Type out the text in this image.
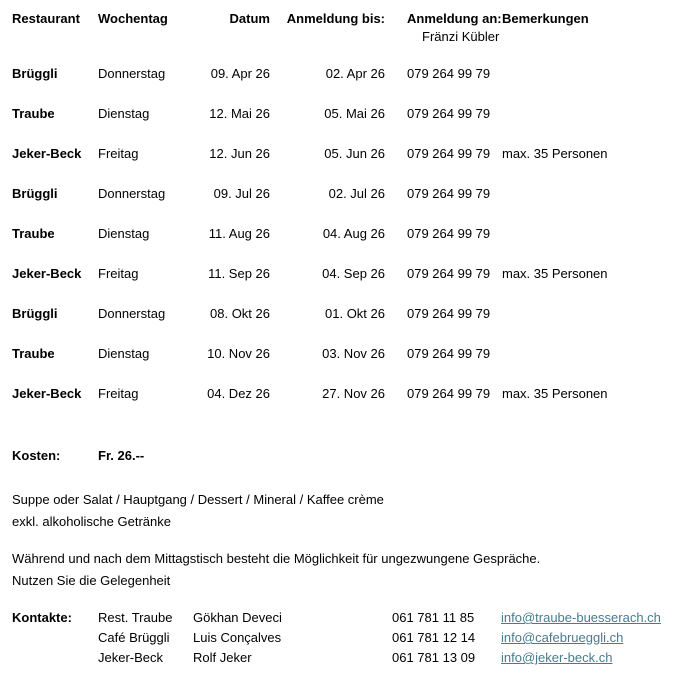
Restaurant	Wochentag	Datum	Anmeldung bis:	Anmeldung an: Bemerkungen
Fränzi Kübler
Brüggli	Donnerstag	09. Apr 26	02. Apr 26	079 264 99 79
Traube	Dienstag	12. Mai 26	05. Mai 26	079 264 99 79
Jeker-Beck	Freitag	12. Jun 26	05. Jun 26	079 264 99 79 max. 35 Personen
Brüggli	Donnerstag	09. Jul 26	02. Jul 26	079 264 99 79
Traube	Dienstag	11. Aug 26	04. Aug 26	079 264 99 79
Jeker-Beck	Freitag	11. Sep 26	04. Sep 26	079 264 99 79 max. 35 Personen
Brüggli	Donnerstag	08. Okt 26	01. Okt 26	079 264 99 79
Traube	Dienstag	10. Nov 26	03. Nov 26	079 264 99 79
Jeker-Beck	Freitag	04. Dez 26	27. Nov 26	079 264 99 79 max. 35 Personen
Kosten:	Fr. 26.--
Suppe oder Salat / Hauptgang / Dessert / Mineral / Kaffee crème
exkl. alkoholische Getränke
Während und nach dem Mittagstisch besteht die Möglichkeit für ungezwungene Gespräche.
Nutzen Sie die Gelegenheit
Kontakte:	Rest. Traube	Gökhan Deveci	061 781 11 85	info@traube-buesserach.ch
Café Brüggli	Luis Conçalves	061 781 12 14	info@cafebrueggli.ch
Jeker-Beck	Rolf Jeker	061 781 13 09	info@jeker-beck.ch
